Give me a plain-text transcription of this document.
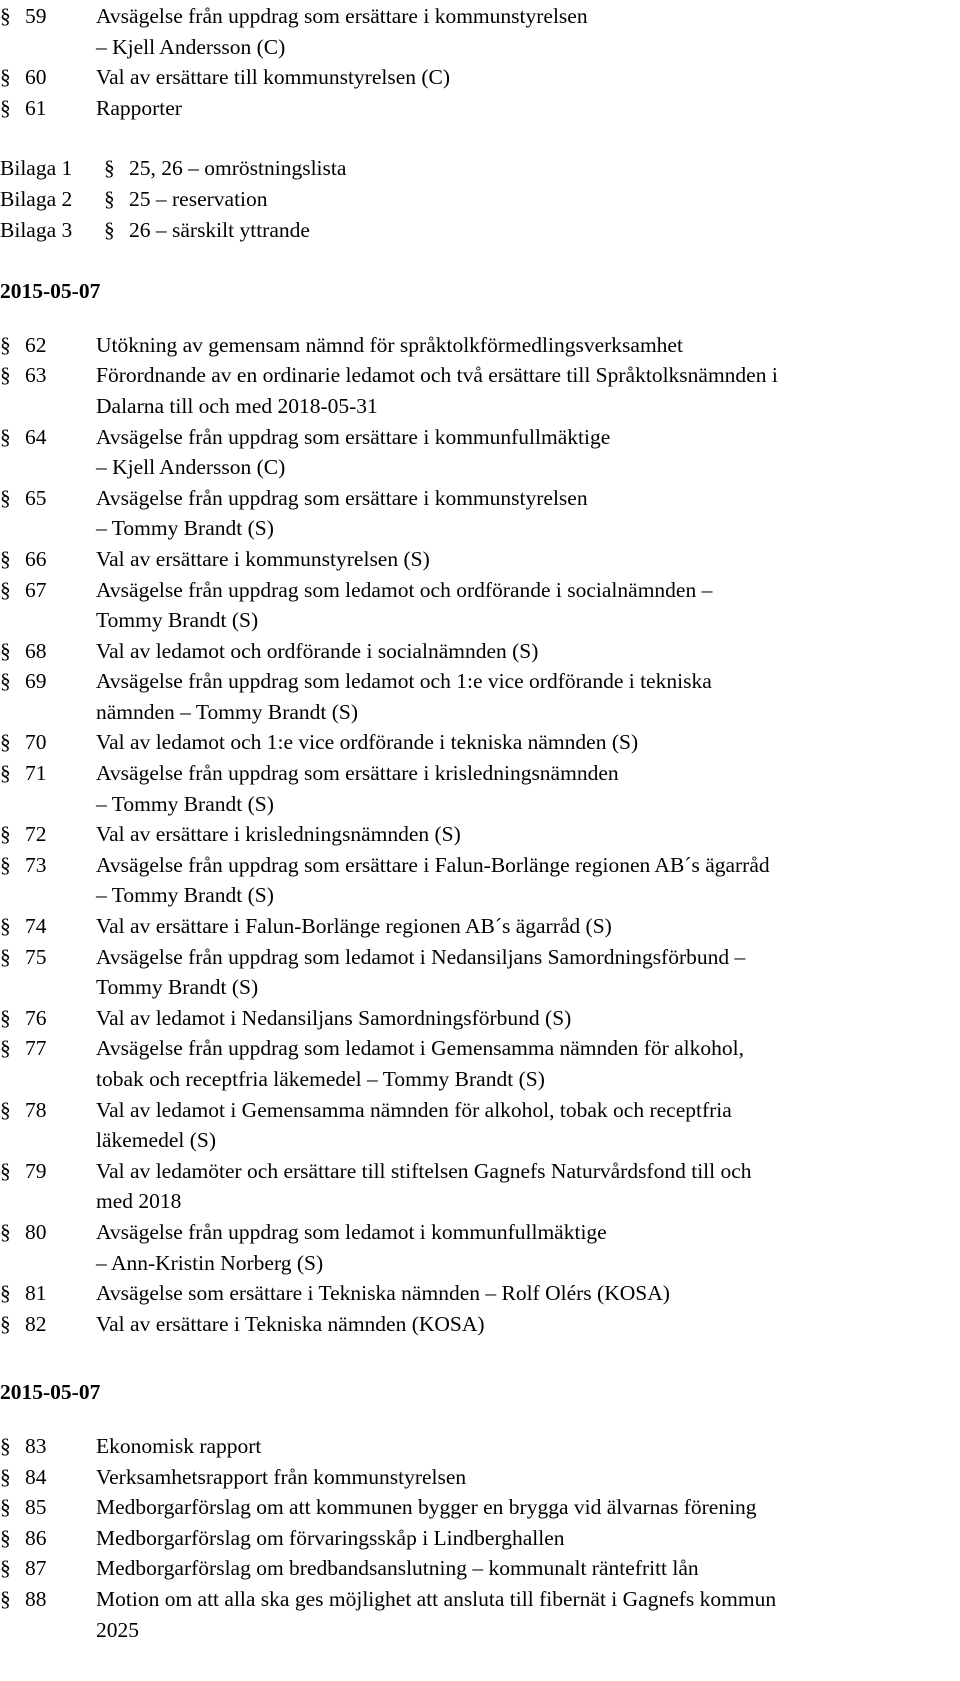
§ 59	Avsägelse från uppdrag som ersättare i kommunstyrelsen
– Kjell Andersson (C)
§ 60	Val av ersättare till kommunstyrelsen (C)
§ 61	Rapporter
Bilaga 1	§ 25, 26 – omröstningslista
Bilaga 2	§ 25 – reservation
Bilaga 3	§ 26 – särskilt yttrande
2015-05-07
§ 62	Utökning av gemensam nämnd för språktolkförmedlingsverksamhet
§ 63	Förordnande av en ordinarie ledamot och två ersättare till Språktolksnämnden i
Dalarna till och med 2018-05-31
§ 64	Avsägelse från uppdrag som ersättare i kommunfullmäktige
– Kjell Andersson (C)
§ 65	Avsägelse från uppdrag som ersättare i kommunstyrelsen
– Tommy Brandt (S)
§ 66	Val av ersättare i kommunstyrelsen (S)
§ 67	Avsägelse från uppdrag som ledamot och ordförande i socialnämnden –
Tommy Brandt (S)
§ 68	Val av ledamot och ordförande i socialnämnden (S)
§ 69	Avsägelse från uppdrag som ledamot och 1:e vice ordförande i tekniska
nämnden – Tommy Brandt (S)
§ 70	Val av ledamot och 1:e vice ordförande i tekniska nämnden (S)
§ 71	Avsägelse från uppdrag som ersättare i krisledningsnämnden
– Tommy Brandt (S)
§ 72	Val av ersättare i krisledningsnämnden (S)
§ 73	Avsägelse från uppdrag som ersättare i Falun-Borlänge regionen AB´s ägarråd
– Tommy Brandt (S)
§ 74	Val av ersättare i Falun-Borlänge regionen AB´s ägarråd (S)
§ 75	Avsägelse från uppdrag som ledamot i Nedansiljans Samordningsförbund –
Tommy Brandt (S)
§ 76	Val av ledamot i Nedansiljans Samordningsförbund (S)
§ 77	Avsägelse från uppdrag som ledamot i Gemensamma nämnden för alkohol,
tobak och receptfria läkemedel – Tommy Brandt (S)
§ 78	Val av ledamot i Gemensamma nämnden för alkohol, tobak och receptfria
läkemedel (S)
§ 79	Val av ledamöter och ersättare till stiftelsen Gagnefs Naturvårdsfond till och
med 2018
§ 80	Avsägelse från uppdrag som ledamot i kommunfullmäktige
– Ann-Kristin Norberg (S)
§ 81	Avsägelse som ersättare i Tekniska nämnden – Rolf Olérs (KOSA)
§ 82	Val av ersättare i Tekniska nämnden (KOSA)
2015-05-07
§ 83	Ekonomisk rapport
§ 84	Verksamhetsrapport från kommunstyrelsen
§ 85	Medborgarförslag om att kommunen bygger en brygga vid älvarnas förening
§ 86	Medborgarförslag om förvaringsskåp i Lindberghallen
§ 87	Medborgarförslag om bredbandsanslutning – kommunalt räntefritt lån
§ 88	Motion om att alla ska ges möjlighet att ansluta till fibernät i Gagnefs kommun
2025
